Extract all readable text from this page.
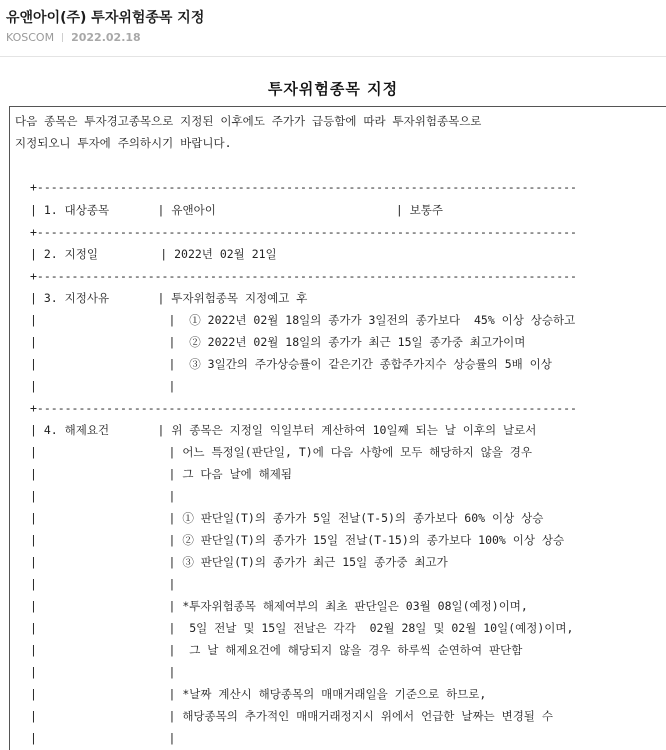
유앤아이(주) 투자위험종목 지정
KOSCOM 2022.02.18
투자위험종목 지정
다음 종목은 투자경고종목으로 지정된 이후에도 주가가 급등함에 따라 투자위험종목으로
지정되오니 투자에 주의하시기 바랍니다.
+------------------------------------------------------------------------------
| 1. 대상종목       | 유앤아이                          | 보통주
+------------------------------------------------------------------------------
| 2. 지정일         | 2022년 02월 21일
+------------------------------------------------------------------------------
| 3. 지정사유       | 투자위험종목 지정예고 후
|                   |  ① 2022년 02월 18일의 종가가 3일전의 종가보다  45% 이상 상승하고
|                   |  ② 2022년 02월 18일의 종가가 최근 15일 종가중 최고가이며
|                   |  ③ 3일간의 주가상승률이 같은기간 종합주가지수 상승률의 5배 이상
|                   |
+------------------------------------------------------------------------------
| 4. 해제요건       | 위 종목은 지정일 익일부터 계산하여 10일째 되는 날 이후의 날로서
|                   | 어느 특정일(판단일, T)에 다음 사항에 모두 해당하지 않을 경우
|                   | 그 다음 날에 해제됨
|                   |
|                   | ① 판단일(T)의 종가가 5일 전날(T-5)의 종가보다 60% 이상 상승
|                   | ② 판단일(T)의 종가가 15일 전날(T-15)의 종가보다 100% 이상 상승
|                   | ③ 판단일(T)의 종가가 최근 15일 종가중 최고가
|                   |
|                   | *투자위험종목 해제여부의 최초 판단일은 03월 08일(예정)이며,
|                   |  5일 전날 및 15일 전날은 각각  02월 28일 및 02월 10일(예정)이며,
|                   |  그 날 해제요건에 해당되지 않을 경우 하루씩 순연하여 판단함
|                   |
|                   | *날짜 계산시 해당종목의 매매거래일을 기준으로 하므로,
|                   | 해당종목의 추가적인 매매거래정지시 위에서 언급한 날짜는 변경될 수
|                   |
